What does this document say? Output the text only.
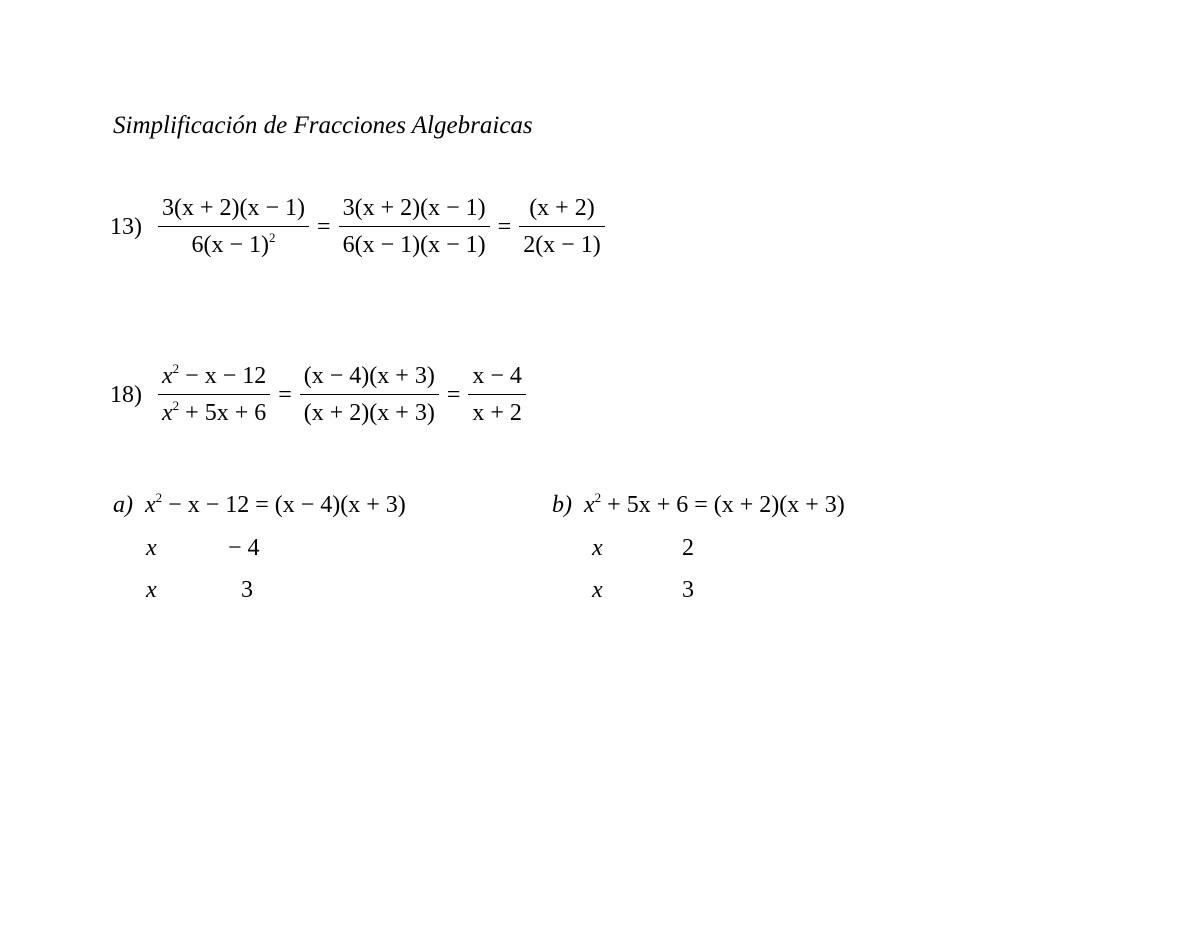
Simplificación de Fracciones Algebraicas
$13) \frac{3(x + 2)(x - 1)}{6(x - 1)^2} = \frac{3(x + 2)(x - 1)}{6(x - 1)(x - 1)} = \frac{(x + 2)}{2(x - 1)}$
$18) \frac{x^2 - x - 12}{x^2 + 5x + 6} = \frac{(x - 4)(x + 3)}{(x + 2)(x + 3)} = \frac{x - 4}{x + 2}$
a) $x^2 - x - 12 = (x - 4)(x + 3)$
x	− 4
x	3
b) $x^2 + 5x + 6 = (x + 2)(x + 3)$
x	2
x	3
